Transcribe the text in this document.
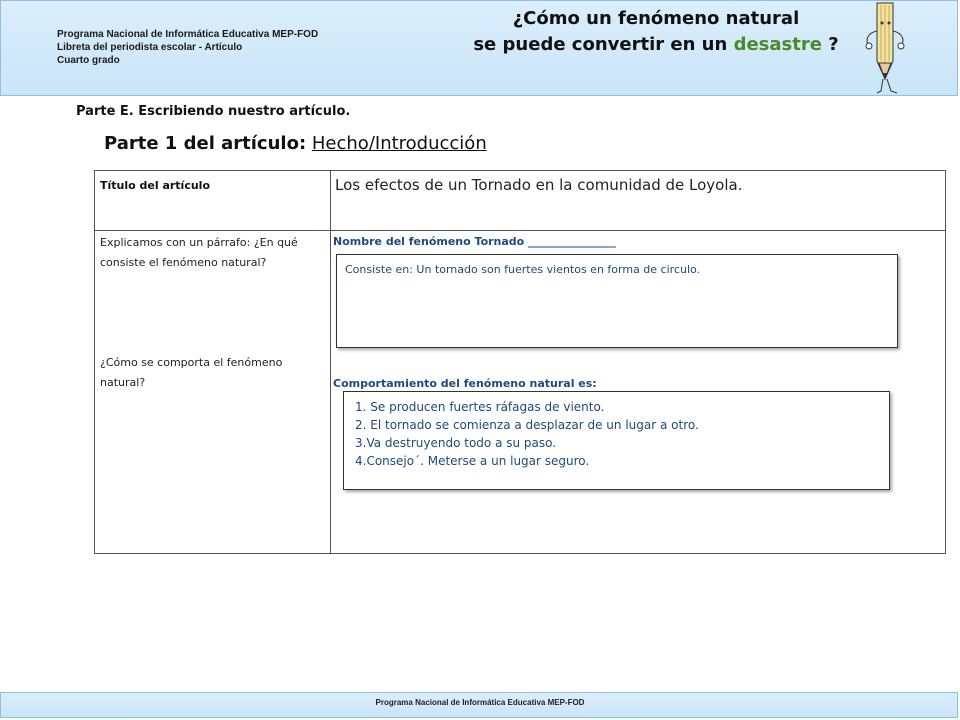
Programa Nacional de Informática Educativa MEP-FOD
Libreta del periodista escolar - Artículo
Cuarto grado
¿Cómo un fenómeno natural
se puede convertir en un desastre ?
Parte E. Escribiendo nuestro artículo.
Parte 1 del artículo: Hecho/Introducción
Título del artículo	Los efectos de un Tornado en la comunidad de Loyola.
Explicamos con un párrafo: ¿En qué consiste el fenómeno natural?
¿Cómo se comporta el fenómeno natural?
Nombre del fenómeno Tornado ________________
Consiste en: Un tornado son fuertes vientos en forma de circulo.
Comportamiento del fenómeno natural es:
1. Se producen fuertes ráfagas de viento.
2. El tornado se comienza a desplazar de un lugar a otro.
3.Va destruyendo todo a su paso.
4.Consejo´. Meterse a un lugar seguro.
Programa Nacional de Informática Educativa MEP-FOD
